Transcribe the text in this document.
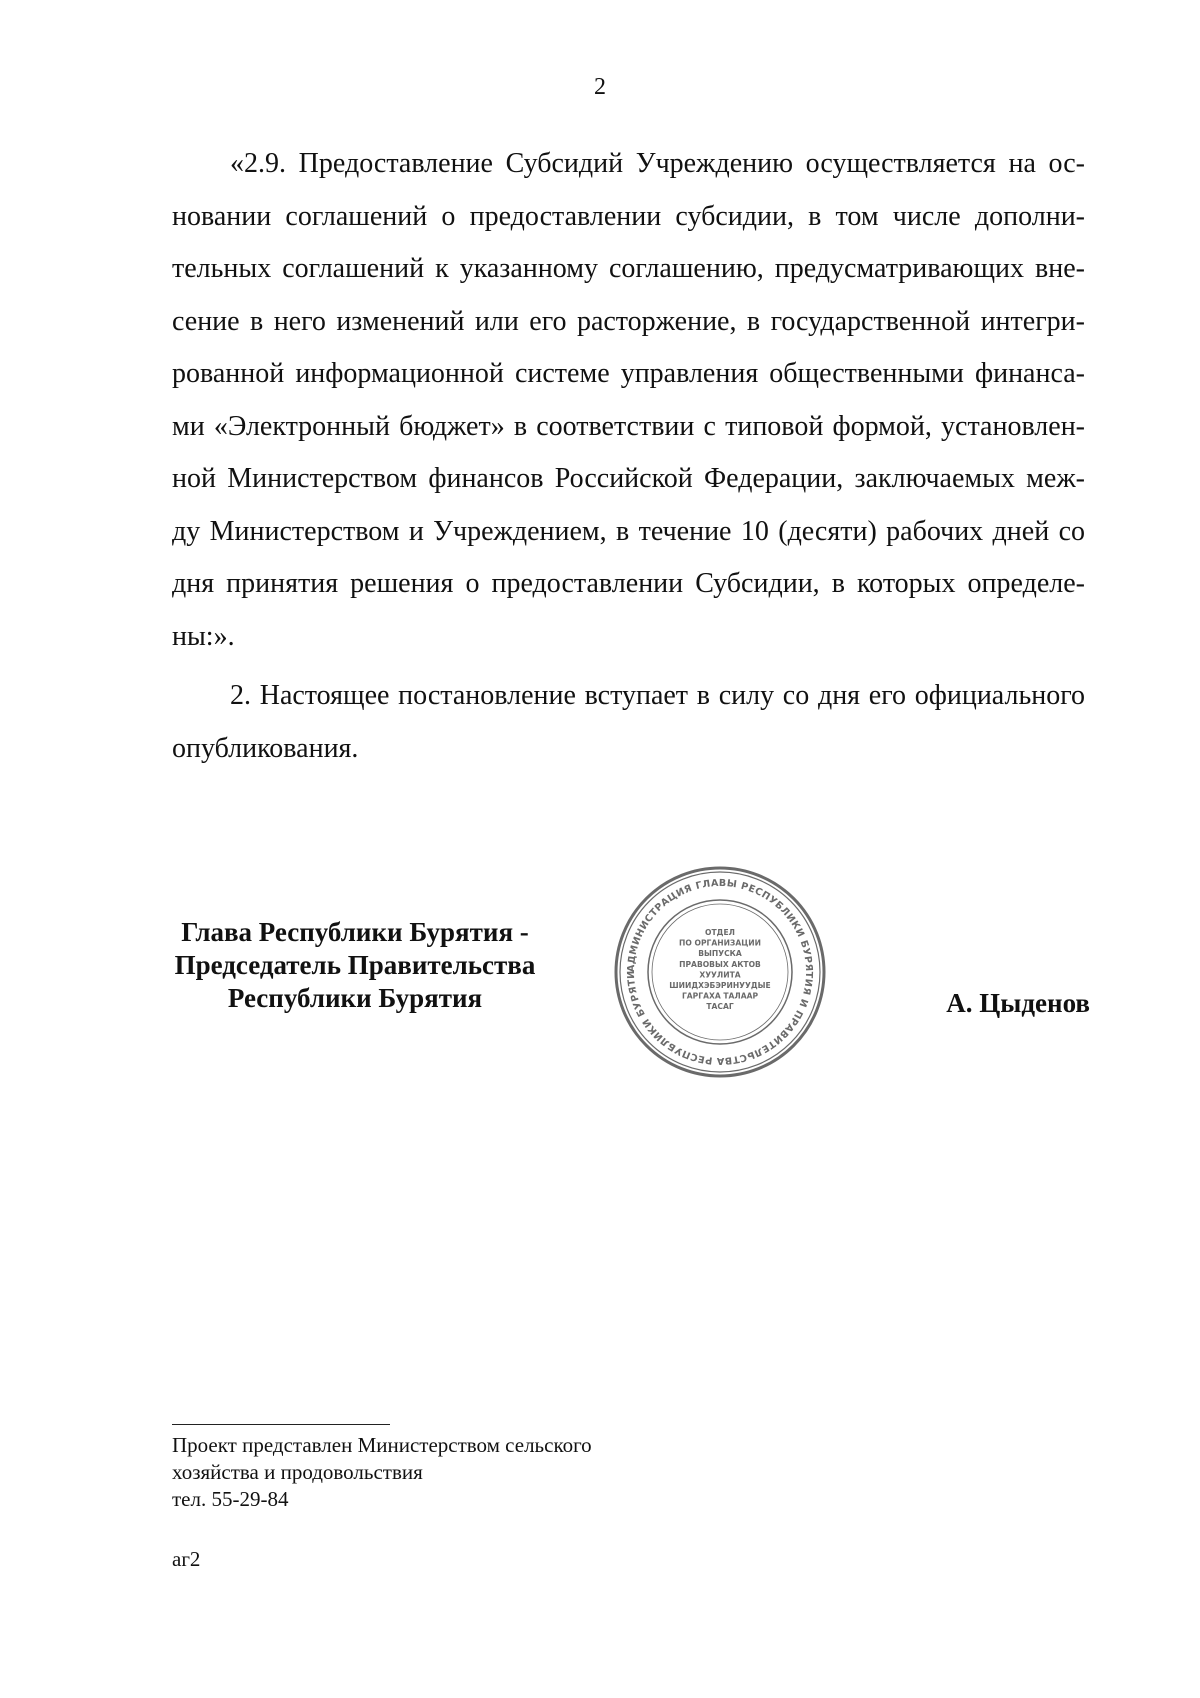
2

«2.9. Предоставление Субсидий Учреждению осуществляется на ос-
новании соглашений о предоставлении субсидии, в том числе дополни-
тельных соглашений к указанному соглашению, предусматривающих вне-
сение в него изменений или его расторжение, в государственной интегри-
рованной информационной системе управления общественными финанса-
ми «Электронный бюджет» в соответствии с типовой формой, установлен-
ной Министерством финансов Российской Федерации, заключаемых меж-
ду Министерством и Учреждением, в течение 10 (десяти) рабочих дней со
дня принятия решения о предоставлении Субсидии, в которых определе-
ны:».

2. Настоящее постановление вступает в силу со дня его официального
опубликования.

Глава Республики Бурятия -
Председатель Правительства
Республики Бурятия
АДМИНИСТРАЦИЯ ГЛАВЫ РЕСПУБЛИКИ БУРЯТИЯ И ПРАВИТЕЛЬСТВА РЕСПУБЛИКИ БУРЯТИ
ОТДЕЛ
ПО ОРГАНИЗАЦИИ
ВЫПУСКА
ПРАВОВЫХ АКТОВ
ХУУЛИТА
ШИИДХЭБЭРИНУУДЫЕ
ГАРГАХА ТАЛААР
ТАСАГ	А. Цыденов
Проект представлен Министерством сельского
хозяйства и продовольствия
тел. 55-29-84
аг2
